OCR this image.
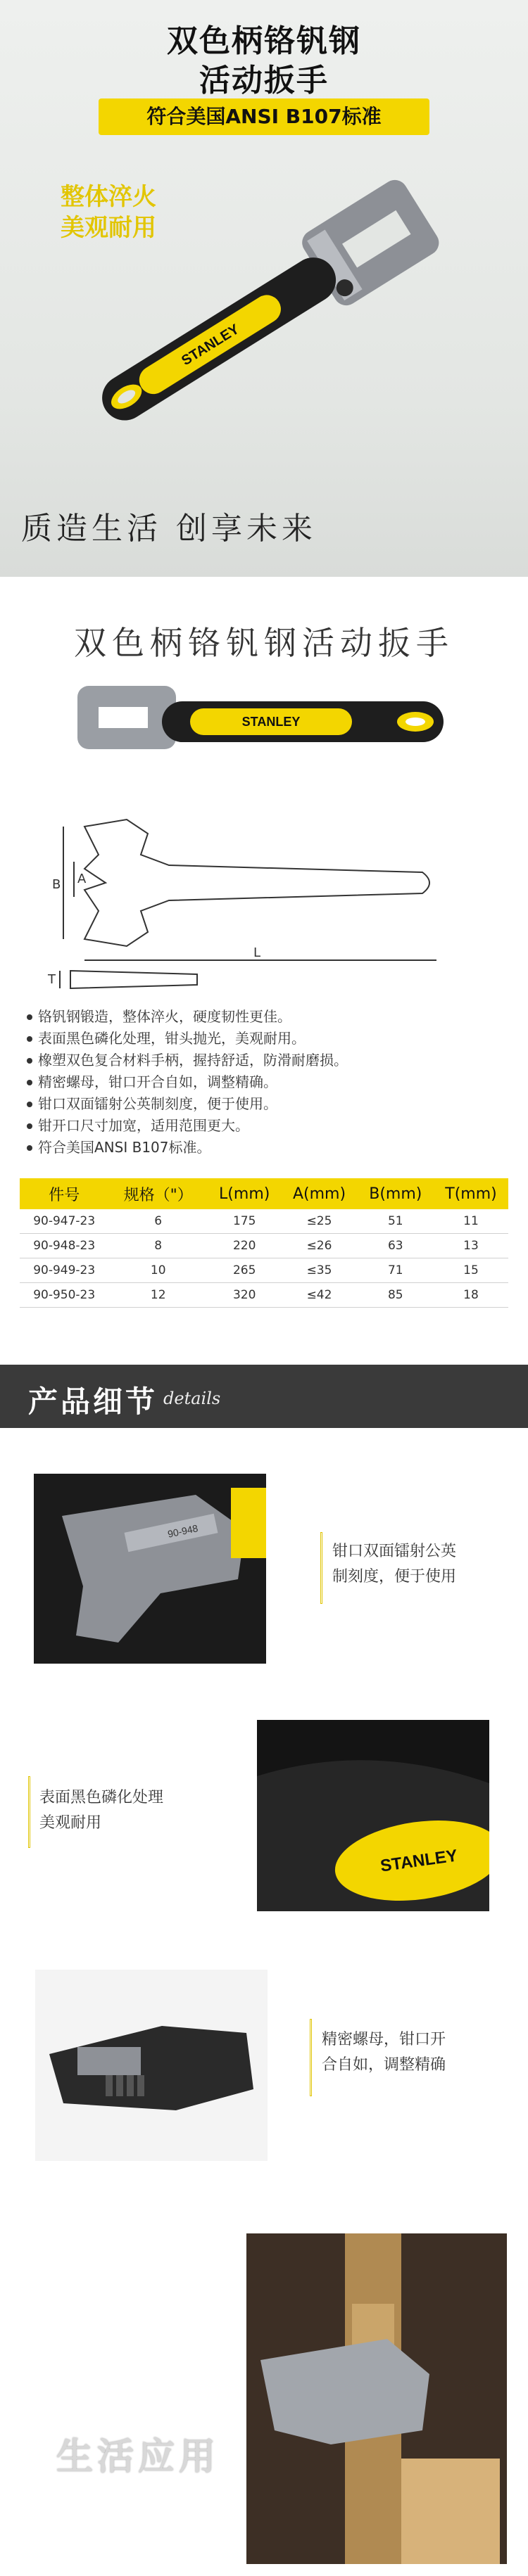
双色柄铬钒钢
活动扳手
符合美国ANSI B107标准
整体淬火
美观耐用
STANLEY
质造生活 创享未来
双色柄铬钒钢活动扳手
STANLEY
B A
L
T
铬钒钢锻造，整体淬火，硬度韧性更佳。
表面黑色磷化处理，钳头抛光，美观耐用。
橡塑双色复合材料手柄，握持舒适，防滑耐磨损。
精密螺母，钳口开合自如，调整精确。
钳口双面镭射公英制刻度，便于使用。
钳开口尺寸加宽，适用范围更大。
符合美国ANSI B107标准。
件号	规格（"）	L(mm)	A(mm)	B(mm)	T(mm)
90-947-23	6	175	≤25	51	11
90-948-23	8	220	≤26	63	13
90-949-23	10	265	≤35	71	15
90-950-23	12	320	≤42	85	18
产品细节 details
90-948
钳口双面镭射公英
制刻度，便于使用
STANLEY
表面黑色磷化处理
美观耐用
精密螺母，钳口开
合自如，调整精确
生活应用
